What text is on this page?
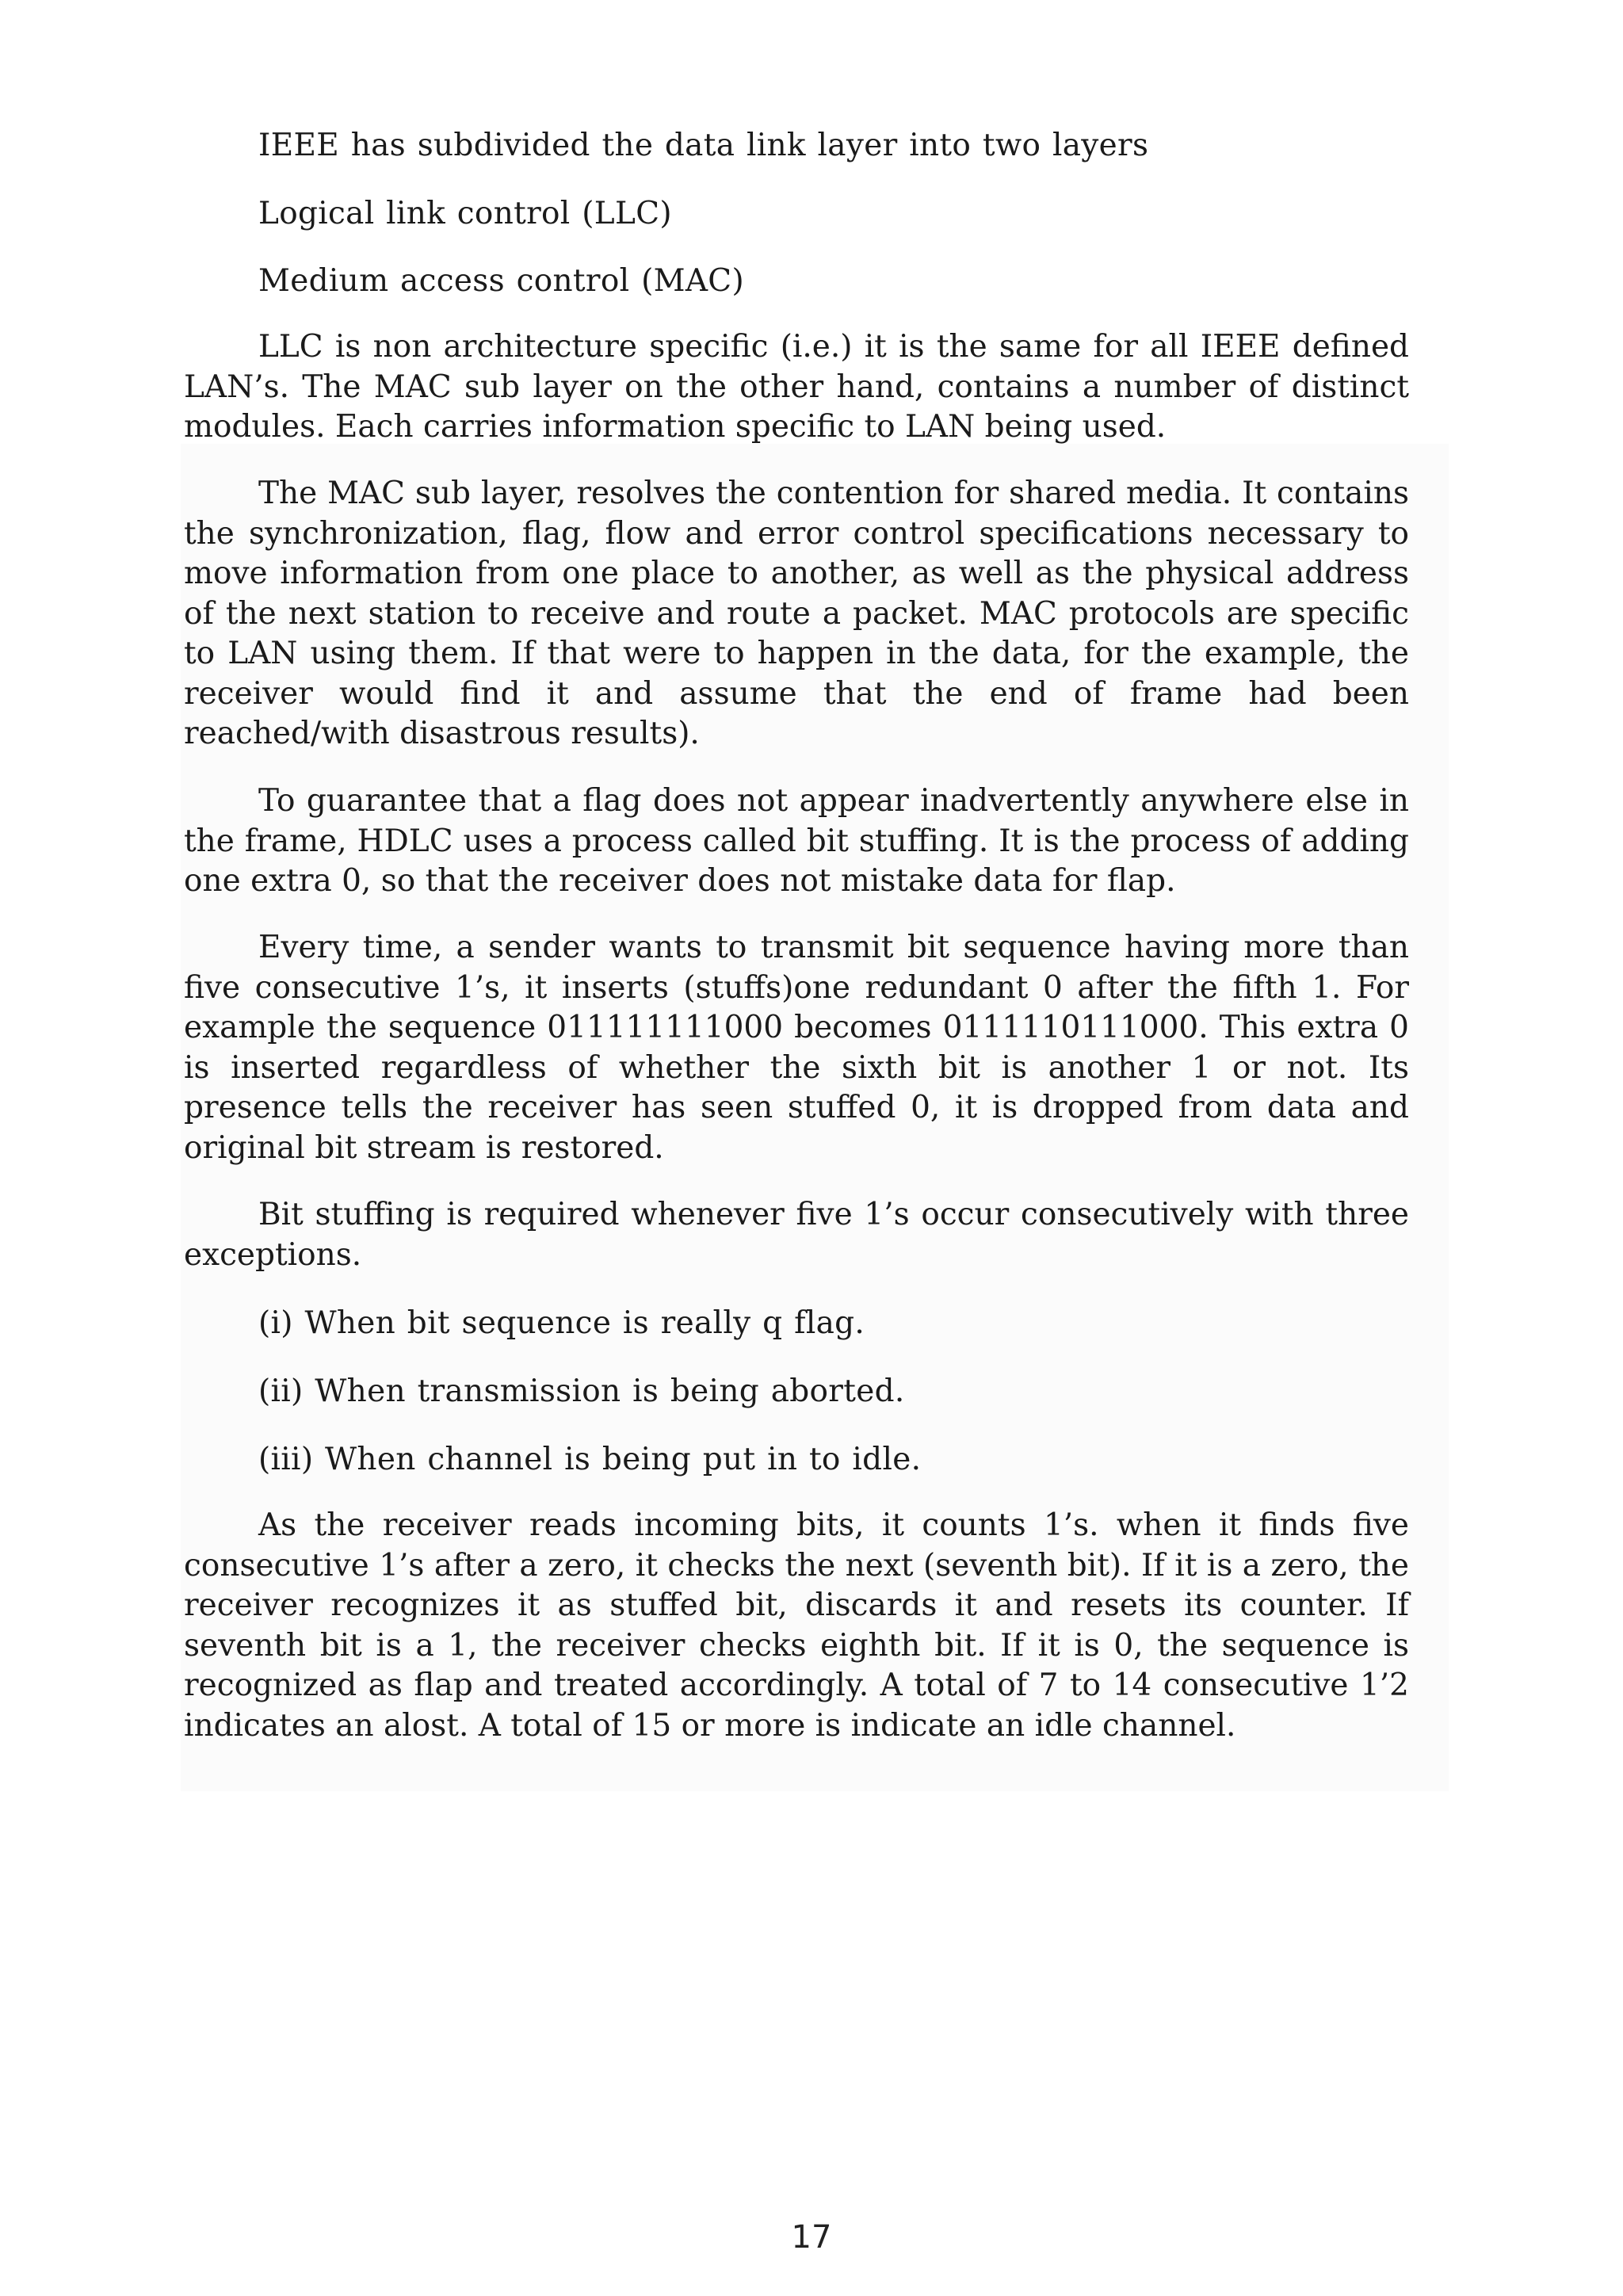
IEEE has subdivided the data link layer into two layers
Logical link control (LLC)
Medium access control (MAC)
LLC is non architecture specific (i.e.) it is the same for all IEEE defined LAN’s. The MAC sub layer on the other hand, contains a number of distinct modules. Each carries information specific to LAN being used.
The MAC sub layer, resolves the contention for shared media. It contains the synchronization, flag, flow and error control specifications necessary to move information from one place to another, as well as the physical address of the next station to receive and route a packet. MAC protocols are specific to LAN using them. If that were to happen in the data, for the example, the receiver would find it and assume that the end of frame had been reached/with disastrous results).
To guarantee that a flag does not appear inadvertently anywhere else in the frame, HDLC uses a process called bit stuffing. It is the process of adding one extra 0, so that the receiver does not mistake data for flap.
Every time, a sender wants to transmit bit sequence having more than five consecutive 1’s, it inserts (stuffs)one redundant 0 after the fifth 1. For example the sequence 011111111000 becomes 0111110111000. This extra 0 is inserted regardless of whether the sixth bit is another 1 or not. Its presence tells the receiver has seen stuffed 0, it is dropped from data and original bit stream is restored.
Bit stuffing is required whenever five 1’s occur consecutively with three exceptions.
(i) When bit sequence is really q flag.
(ii) When transmission is being aborted.
(iii) When channel is being put in to idle.
As the receiver reads incoming bits, it counts 1’s. when it finds five consecutive 1’s after a zero, it checks the next (seventh bit). If it is a zero, the receiver recognizes it as stuffed bit, discards it and resets its counter. If seventh bit is a 1, the receiver checks eighth bit. If it is 0, the sequence is recognized as flap and treated accordingly. A total of 7 to 14 consecutive 1’2 indicates an alost. A total of 15 or more is indicate an idle channel.
17
